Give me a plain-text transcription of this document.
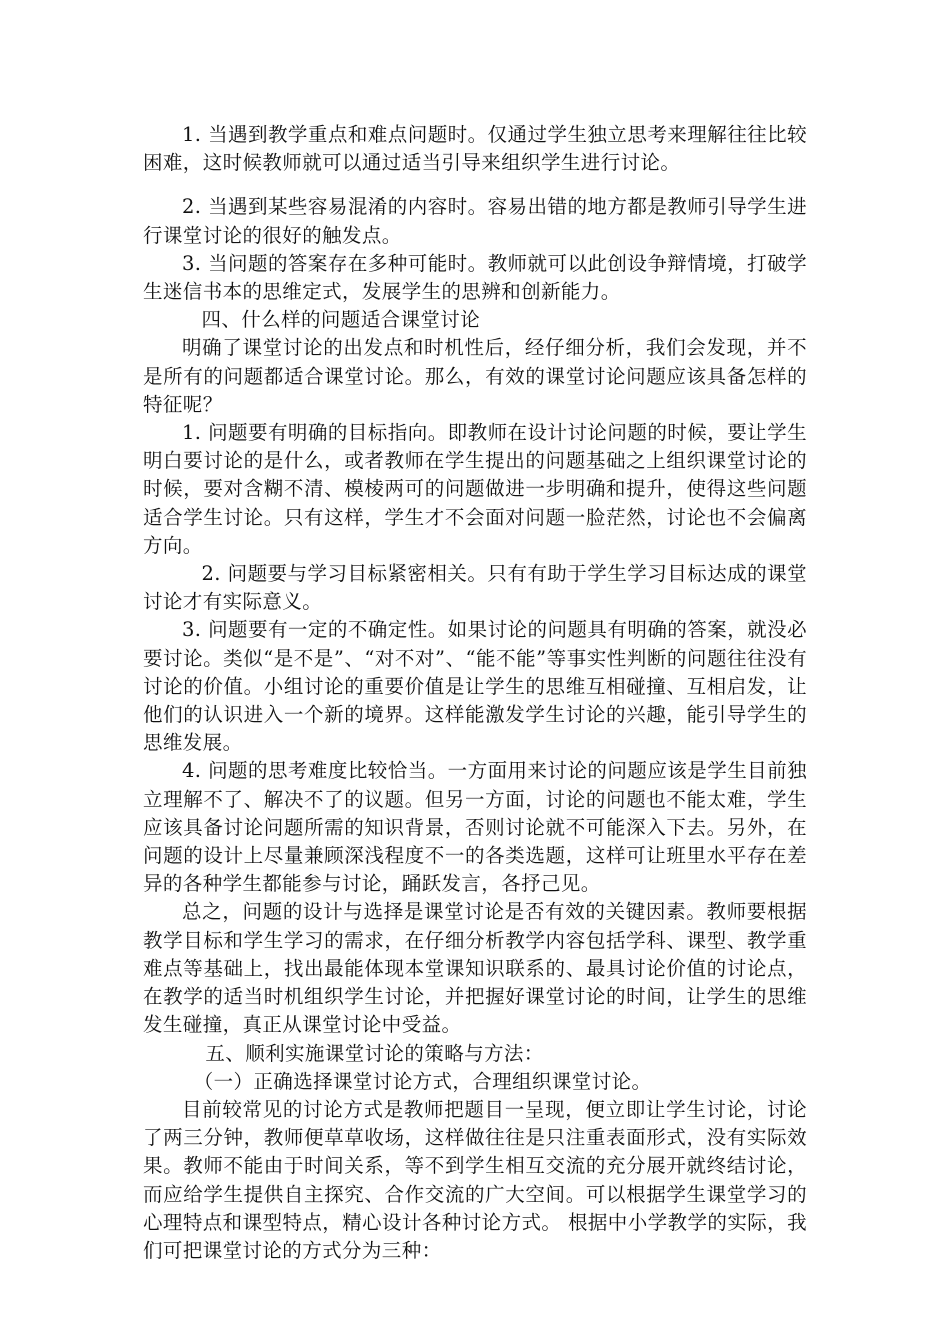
1. 当遇到教学重点和难点问题时。仅通过学生独立思考来理解往往比较困难，这时候教师就可以通过适当引导来组织学生进行讨论。

2. 当遇到某些容易混淆的内容时。容易出错的地方都是教师引导学生进行课堂讨论的很好的触发点。

3. 当问题的答案存在多种可能时。教师就可以此创设争辩情境，打破学生迷信书本的思维定式，发展学生的思辨和创新能力。

四、什么样的问题适合课堂讨论

明确了课堂讨论的出发点和时机性后，经仔细分析，我们会发现，并不是所有的问题都适合课堂讨论。那么，有效的课堂讨论问题应该具备怎样的特征呢？

1. 问题要有明确的目标指向。即教师在设计讨论问题的时候，要让学生明白要讨论的是什么，或者教师在学生提出的问题基础之上组织课堂讨论的时候，要对含糊不清、模棱两可的问题做进一步明确和提升，使得这些问题适合学生讨论。只有这样，学生才不会面对问题一脸茫然，讨论也不会偏离方向。

2. 问题要与学习目标紧密相关。只有有助于学生学习目标达成的课堂讨论才有实际意义。

3. 问题要有一定的不确定性。如果讨论的问题具有明确的答案，就没必要讨论。类似“是不是”、“对不对”、“能不能”等事实性判断的问题往往没有讨论的价值。小组讨论的重要价值是让学生的思维互相碰撞、互相启发，让他们的认识进入一个新的境界。这样能激发学生讨论的兴趣，能引导学生的思维发展。

4. 问题的思考难度比较恰当。一方面用来讨论的问题应该是学生目前独立理解不了、解决不了的议题。但另一方面，讨论的问题也不能太难，学生应该具备讨论问题所需的知识背景，否则讨论就不可能深入下去。另外，在问题的设计上尽量兼顾深浅程度不一的各类选题，这样可让班里水平存在差异的各种学生都能参与讨论，踊跃发言，各抒己见。

总之，问题的设计与选择是课堂讨论是否有效的关键因素。教师要根据教学目标和学生学习的需求，在仔细分析教学内容包括学科、课型、教学重难点等基础上，找出最能体现本堂课知识联系的、最具讨论价值的讨论点，在教学的适当时机组织学生讨论，并把握好课堂讨论的时间，让学生的思维发生碰撞，真正从课堂讨论中受益。

五、顺利实施课堂讨论的策略与方法：

（一）正确选择课堂讨论方式，合理组织课堂讨论。

目前较常见的讨论方式是教师把题目一呈现，便立即让学生讨论，讨论了两三分钟，教师便草草收场，这样做往往是只注重表面形式，没有实际效果。教师不能由于时间关系，等不到学生相互交流的充分展开就终结讨论，而应给学生提供自主探究、合作交流的广大空间。可以根据学生课堂学习的心理特点和课型特点，精心设计各种讨论方式。 根据中小学教学的实际，我们可把课堂讨论的方式分为三种：
